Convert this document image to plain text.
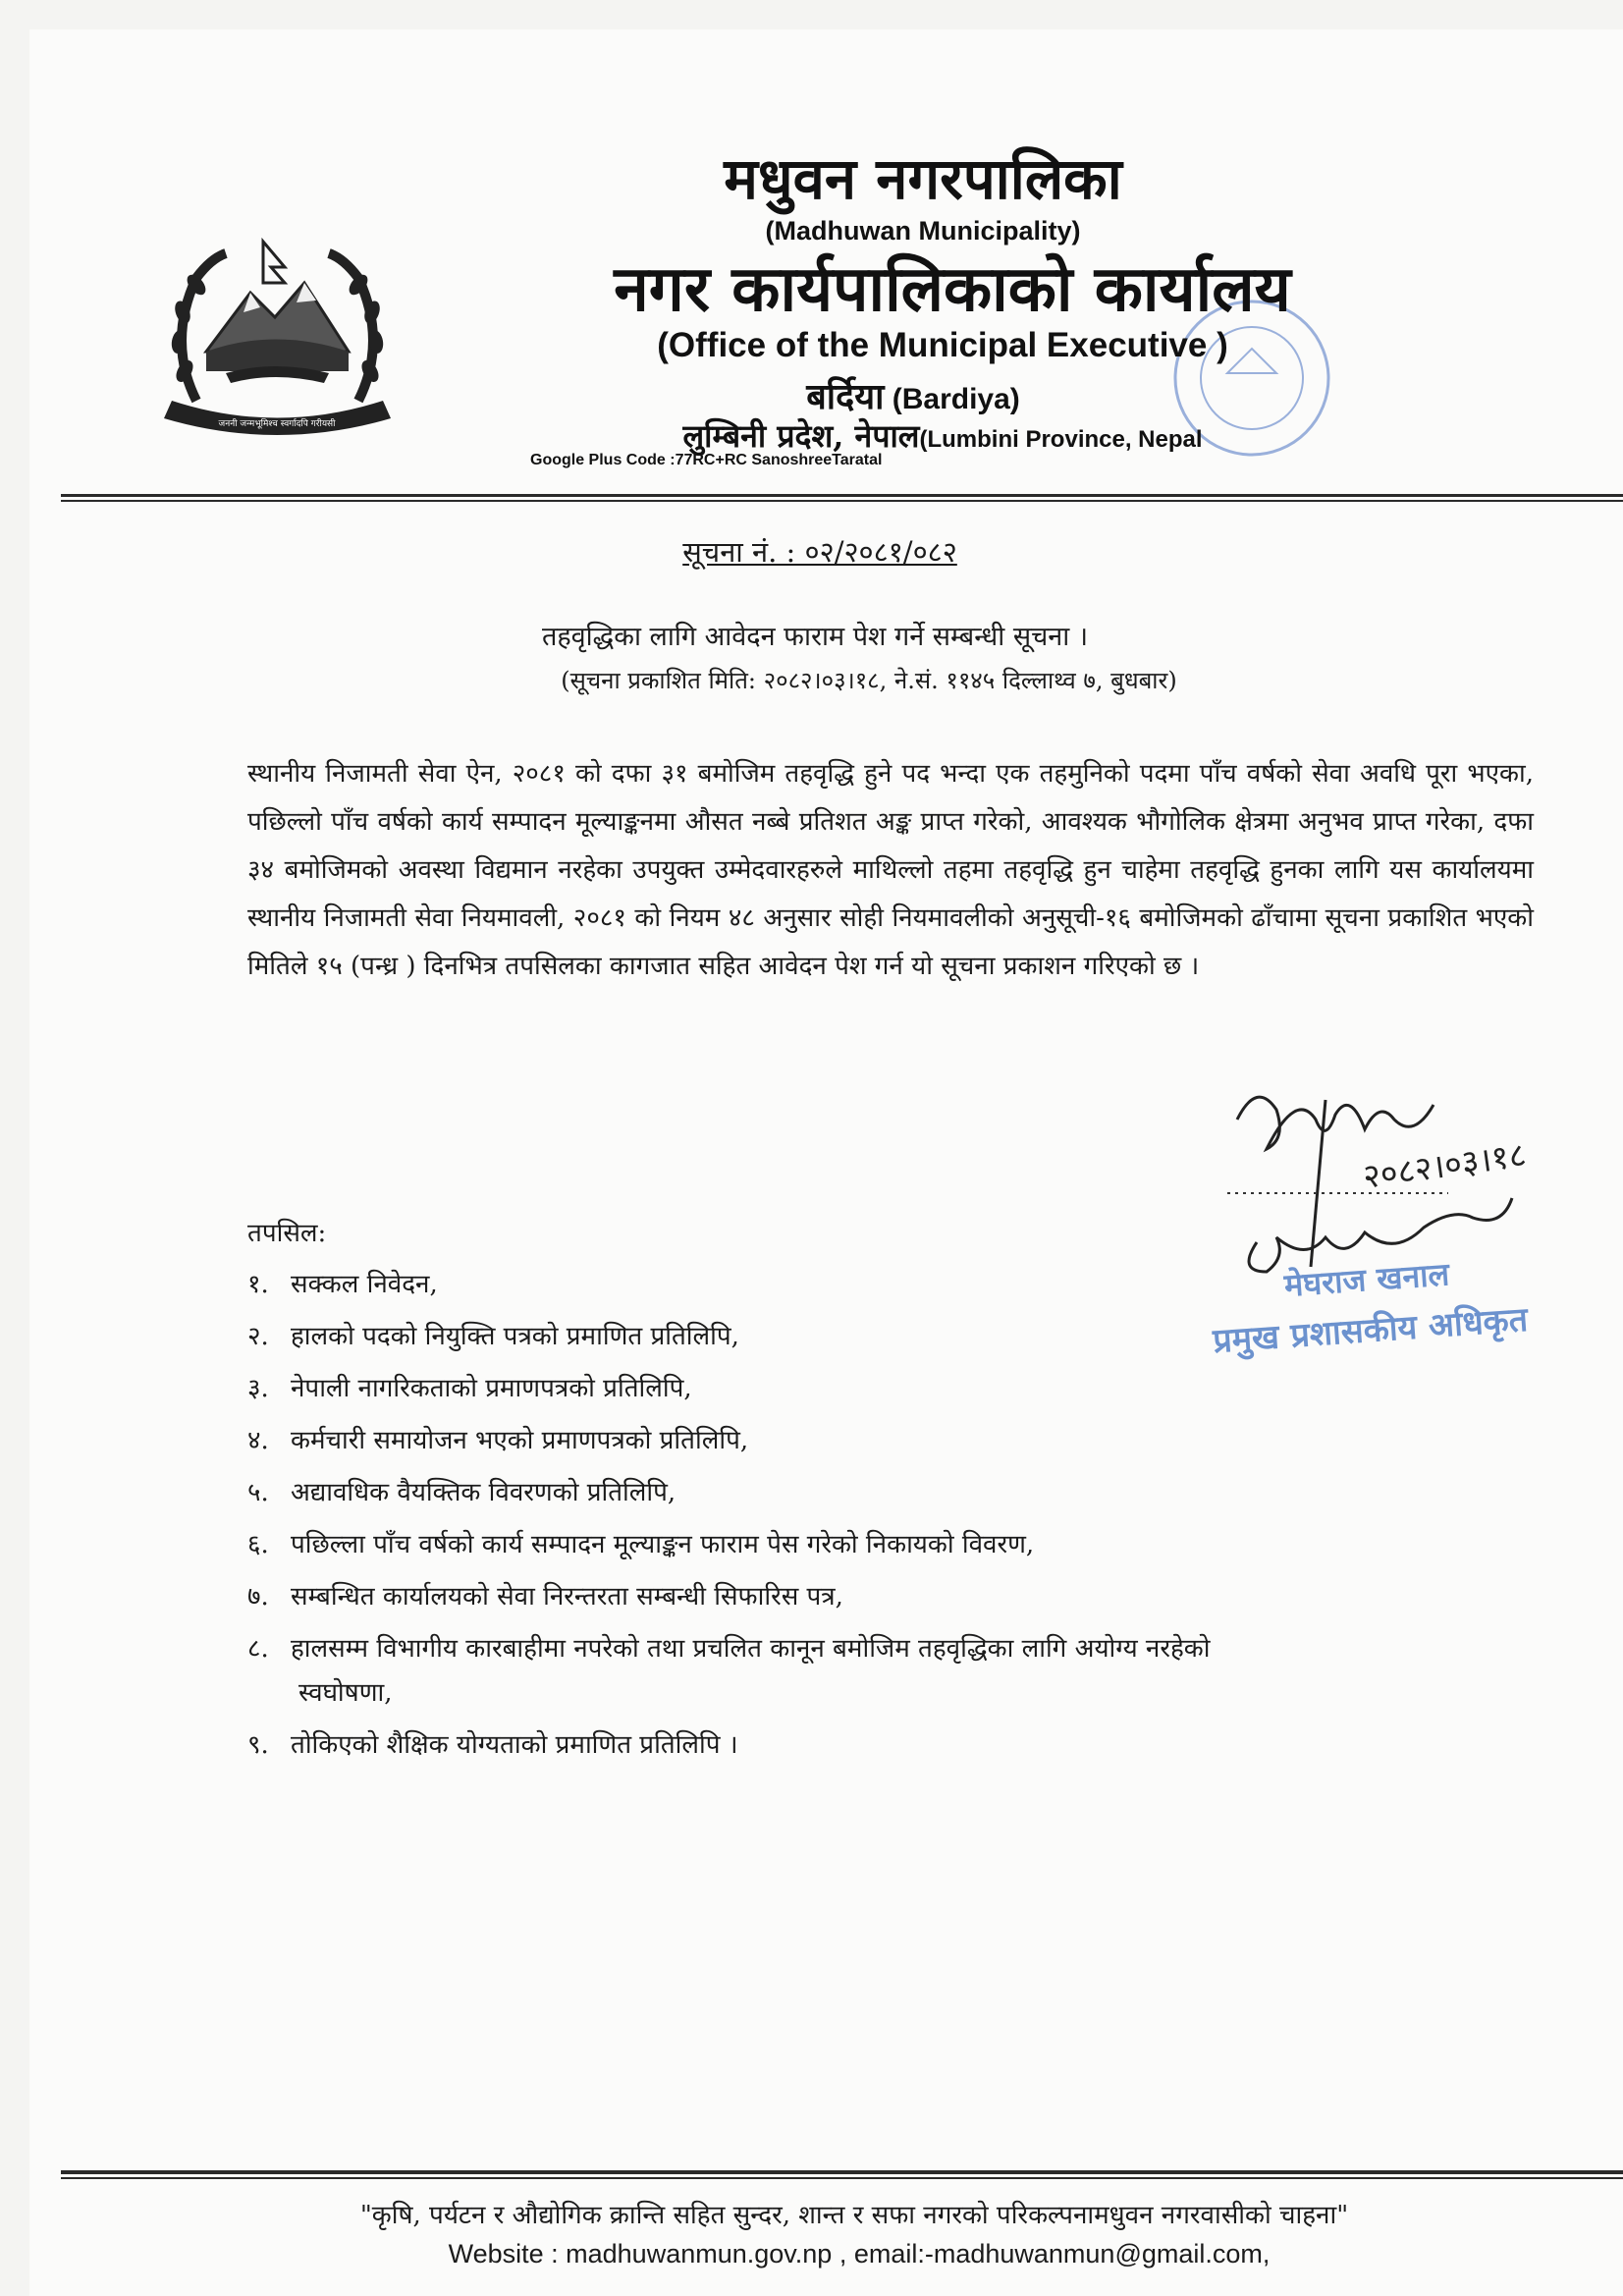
जननी जन्मभूमिश्च स्वर्गादपि गरीयसी
मधुवन नगरपालिका
(Madhuwan Municipality)
नगर कार्यपालिकाको कार्यालय
(Office of the Municipal Executive )
बर्दिया (Bardiya)
लुम्बिनी प्रदेश, नेपाल(Lumbini Province, Nepal
Google Plus Code :77RC+RC SanoshreeTaratal
सूचना नं. : ०२/२०८१/०८२
तहवृद्धिका लागि आवेदन फाराम पेश गर्ने सम्बन्धी सूचना ।
(सूचना प्रकाशित मिति: २०८२।०३।१८, ने.सं. ११४५ दिल्लाथ्व ७, बुधबार)

स्थानीय निजामती सेवा ऐन, २०८१ को दफा ३१ बमोजिम तहवृद्धि हुने पद भन्दा एक तहमुनिको पदमा पाँच वर्षको सेवा अवधि पूरा भएका, पछिल्लो पाँच वर्षको कार्य सम्पादन मूल्याङ्कनमा औसत नब्बे प्रतिशत अङ्क प्राप्त गरेको, आवश्यक भौगोलिक क्षेत्रमा अनुभव प्राप्त गरेका, दफा ३४ बमोजिमको अवस्था विद्यमान नरहेका उपयुक्त उम्मेदवारहरुले माथिल्लो तहमा तहवृद्धि हुन चाहेमा तहवृद्धि हुनका लागि यस कार्यालयमा स्थानीय निजामती सेवा नियमावली, २०८१ को नियम ४८ अनुसार सोही नियमावलीको अनुसूची-१६ बमोजिमको ढाँचामा सूचना प्रकाशित भएको मितिले १५ (पन्ध्र ) दिनभित्र तपसिलका कागजात सहित आवेदन पेश गर्न यो सूचना प्रकाशन गरिएको छ ।

२०८२।०३।१८
मेघराज खनाल
प्रमुख प्रशासकीय अधिकृत
तपसिल:
१. सक्कल निवेदन,
२. हालको पदको नियुक्ति पत्रको प्रमाणित प्रतिलिपि,
३. नेपाली नागरिकताको प्रमाणपत्रको प्रतिलिपि,
४. कर्मचारी समायोजन भएको प्रमाणपत्रको प्रतिलिपि,
५. अद्यावधिक वैयक्तिक विवरणको प्रतिलिपि,
६. पछिल्ला पाँच वर्षको कार्य सम्पादन मूल्याङ्कन फाराम पेस गरेको निकायको विवरण,
७. सम्बन्धित कार्यालयको सेवा निरन्तरता सम्बन्धी सिफारिस पत्र,
८. हालसम्म विभागीय कारबाहीमा नपरेको तथा प्रचलित कानून बमोजिम तहवृद्धिका लागि अयोग्य नरहेको
स्वघोषणा,
९. तोकिएको शैक्षिक योग्यताको प्रमाणित प्रतिलिपि ।
"कृषि, पर्यटन र औद्योगिक क्रान्ति सहित सुन्दर, शान्त र सफा नगरको परिकल्पनामधुवन नगरवासीको चाहना"
Website : madhuwanmun.gov.np , email:-madhuwanmun@gmail.com,
